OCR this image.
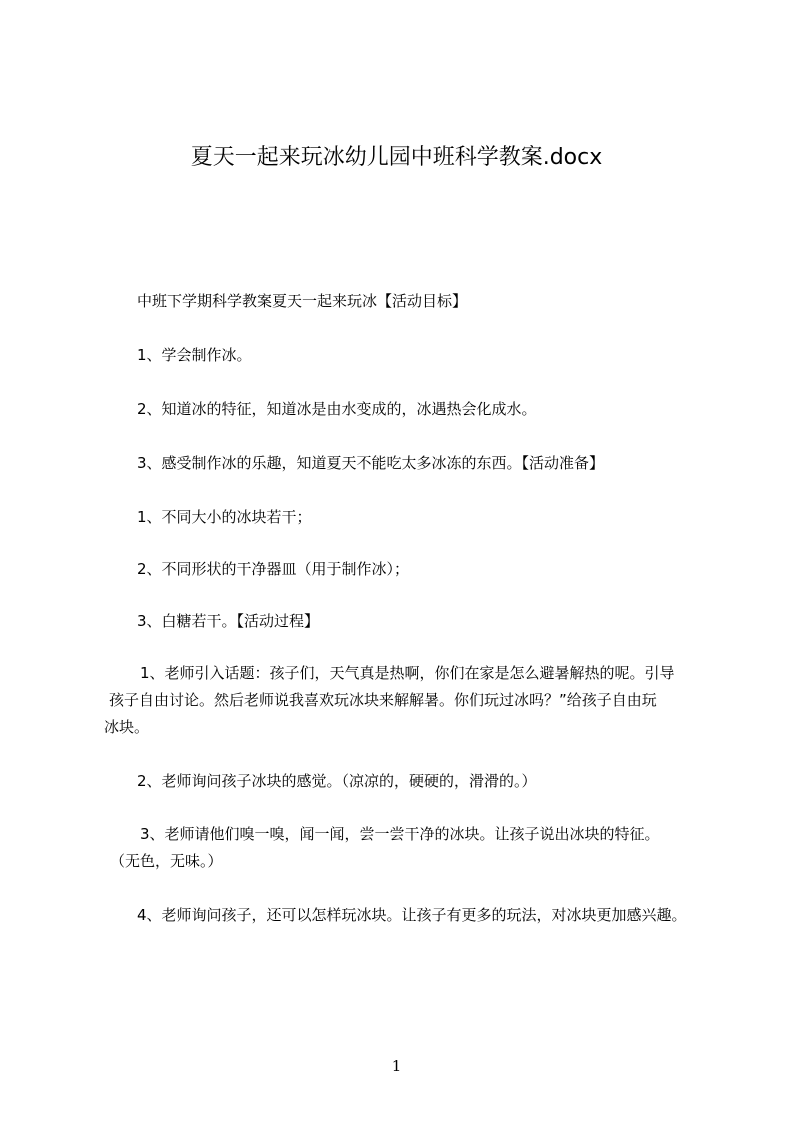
夏天一起来玩冰幼儿园中班科学教案.docx
中班下学期科学教案夏天一起来玩冰【活动目标】
1、学会制作冰。
2、知道冰的特征，知道冰是由水变成的，冰遇热会化成水。
3、感受制作冰的乐趣，知道夏天不能吃太多冰冻的东西。【活动准备】
1、不同大小的冰块若干；
2、不同形状的干净器皿（用于制作冰）；
3、白糖若干。【活动过程】
1、老师引入话题：孩子们，天气真是热啊，你们在家是怎么避暑解热的呢。引导
孩子自由讨论。然后老师说我喜欢玩冰块来解解暑。你们玩过冰吗？”给孩子自由玩
冰块。
2、老师询问孩子冰块的感觉。（凉凉的，硬硬的，滑滑的。）
3、老师请他们嗅一嗅，闻一闻，尝一尝干净的冰块。让孩子说出冰块的特征。
（无色，无味。）
4、老师询问孩子，还可以怎样玩冰块。让孩子有更多的玩法，对冰块更加感兴趣。
1
